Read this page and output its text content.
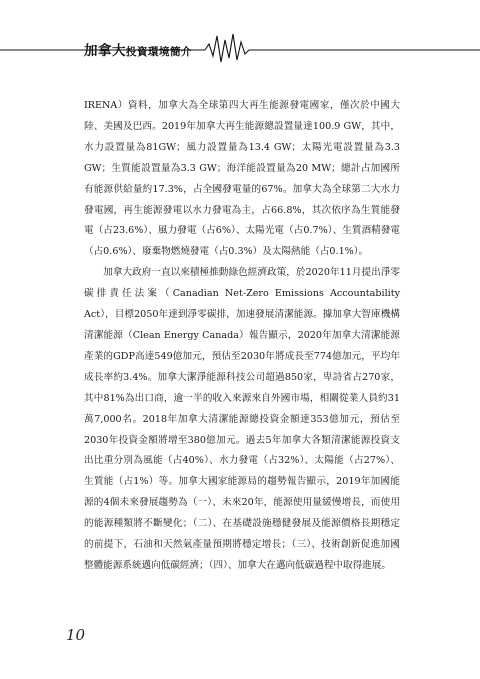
加拿大投資環境簡介

IRENA）資料，加拿大為全球第四大再生能源發電國家，僅次於中國大陸、美國及巴西。2019年加拿大再生能源總設置量達100.9 GW，其中，水力設置量為81GW；風力設置量為13.4 GW；太陽光電設置量為3.3 GW；生質能設置量為3.3 GW；海洋能設置量為20 MW；總計占加國所有能源供給量約17.3%，占全國發電量的67%。加拿大為全球第二大水力發電國，再生能源發電以水力發電為主，占66.8%，其次依序為生質能發電（占23.6%）、風力發電（占6%）、太陽光電（占0.7%）、生質酒精發電（占0.6%）、廢棄物燃燒發電（占0.3%）及太陽熱能（占0.1%）。

加拿大政府一直以來積極推動綠色經濟政策，於2020年11月提出淨零碳排責任法案（Canadian Net-Zero Emissions Accountability Act），目標2050年達到淨零碳排，加速發展清潔能源。據加拿大智庫機構清潔能源（Clean Energy Canada）報告顯示，2020年加拿大清潔能源產業的GDP高達549億加元，預估至2030年將成長至774億加元，平均年成長率約3.4%。加拿大潔淨能源科技公司超過850家，卑詩省占270家，其中81%為出口商，逾一半的收入來源來自外國市場，相關從業人員約31萬7,000名。2018年加拿大清潔能源總投資金額達353億加元，預估至2030年投資金額將增至380億加元。過去5年加拿大各類清潔能源投資支出比重分別為風能（占40%）、水力發電（占32%）、太陽能（占27%）、生質能（占1%）等。加拿大國家能源局的趨勢報告顯示，2019年加國能源的4個未來發展趨勢為（一）、未來20年，能源使用量緩慢增長，而使用的能源種類將不斷變化；（二）、在基礎設施穩健發展及能源價格長期穩定的前提下，石油和天然氣產量預期將穩定增長；（三）、技術創新促進加國整體能源系統邁向低碳經濟；（四）、加拿大在邁向低碳過程中取得進展。

10
